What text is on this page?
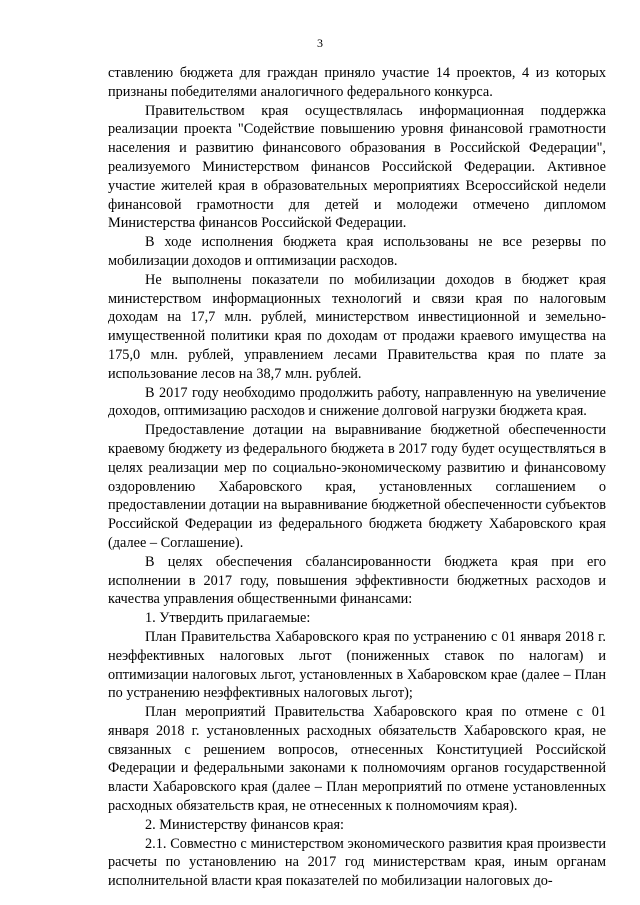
3

ставлению бюджета для граждан приняло участие 14 проектов, 4 из которых признаны победителями аналогичного федерального конкурса.

Правительством края осуществлялась информационная поддержка реализации проекта "Содействие повышению уровня финансовой грамотности населения и развитию финансового образования в Российской Федерации", реализуемого Министерством финансов Российской Федерации. Активное участие жителей края в образовательных мероприятиях Всероссийской недели финансовой грамотности для детей и молодежи отмечено дипломом Министерства финансов Российской Федерации.

В ходе исполнения бюджета края использованы не все резервы по мобилизации доходов и оптимизации расходов.

Не выполнены показатели по мобилизации доходов в бюджет края министерством информационных технологий и связи края по налоговым доходам на 17,7 млн. рублей, министерством инвестиционной и земельно-имущественной политики края по доходам от продажи краевого имущества на 175,0 млн. рублей, управлением лесами Правительства края по плате за использование лесов на 38,7 млн. рублей.

В 2017 году необходимо продолжить работу, направленную на увеличение доходов, оптимизацию расходов и снижение долговой нагрузки бюджета края.

Предоставление дотации на выравнивание бюджетной обеспеченности краевому бюджету из федерального бюджета в 2017 году будет осуществляться в целях реализации мер по социально-экономическому развитию и финансовому оздоровлению Хабаровского края, установленных соглашением о предоставлении дотации на выравнивание бюджетной обеспеченности субъектов Российской Федерации из федерального бюджета бюджету Хабаровского края (далее – Соглашение).

В целях обеспечения сбалансированности бюджета края при его исполнении в 2017 году, повышения эффективности бюджетных расходов и качества управления общественными финансами:

1. Утвердить прилагаемые:

План Правительства Хабаровского края по устранению с 01 января 2018 г. неэффективных налоговых льгот (пониженных ставок по налогам) и оптимизации налоговых льгот, установленных в Хабаровском крае (далее – План по устранению неэффективных налоговых льгот);

План мероприятий Правительства Хабаровского края по отмене с 01 января 2018 г. установленных расходных обязательств Хабаровского края, не связанных с решением вопросов, отнесенных Конституцией Российской Федерации и федеральными законами к полномочиям органов государственной власти Хабаровского края (далее – План мероприятий по отмене установленных расходных обязательств края, не отнесенных к полномочиям края).

2. Министерству финансов края:

2.1. Совместно с министерством экономического развития края произвести расчеты по установлению на 2017 год министерствам края, иным органам исполнительной власти края показателей по мобилизации налоговых до-
